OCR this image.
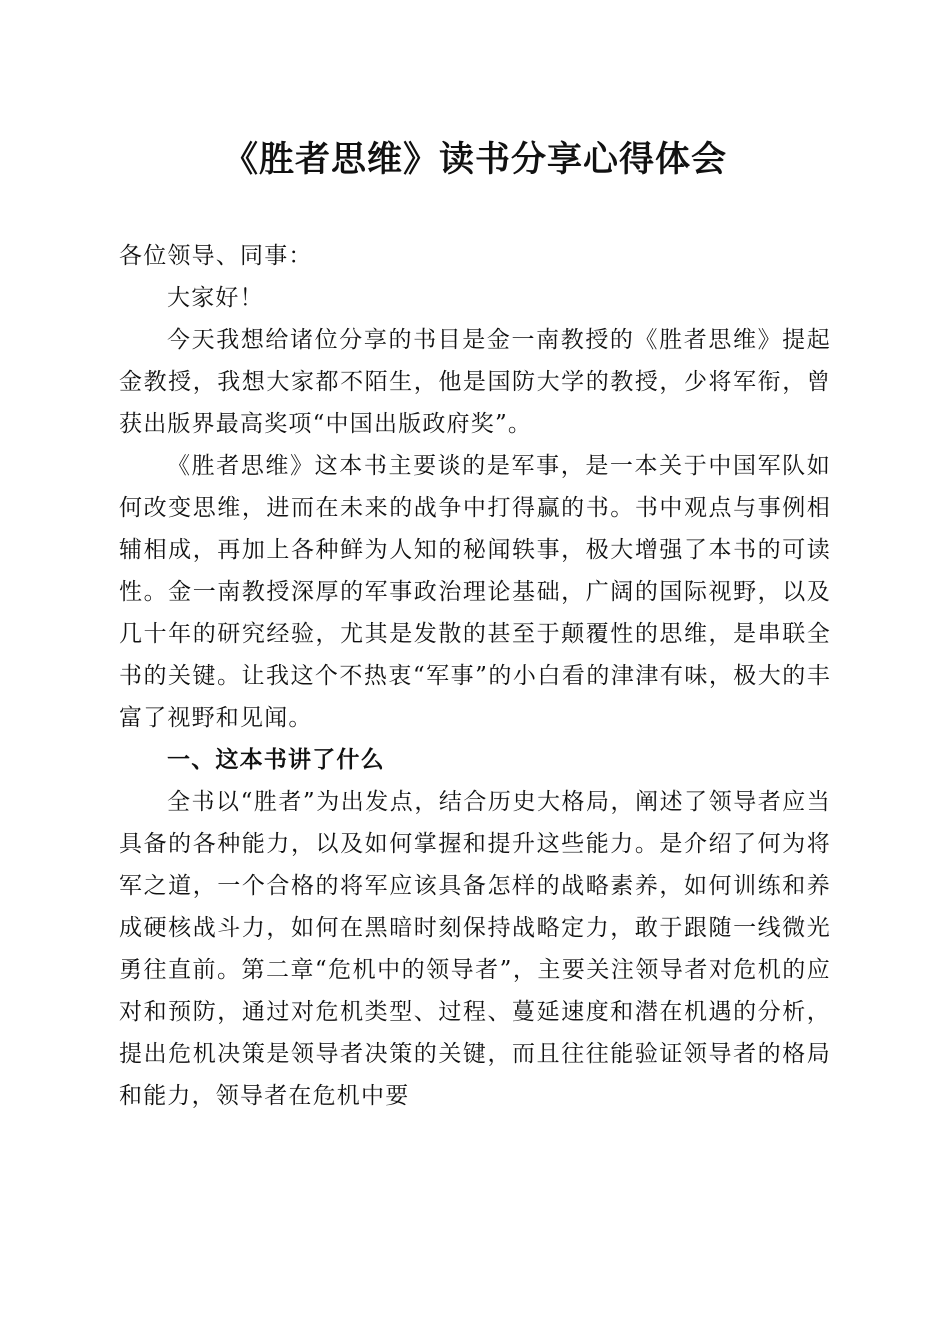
《胜者思维》读书分享心得体会

各位领导、同事：

大家好！

今天我想给诸位分享的书目是金一南教授的《胜者思维》提起金教授，我想大家都不陌生，他是国防大学的教授，少将军衔，曾获出版界最高奖项“中国出版政府奖”。

《胜者思维》这本书主要谈的是军事，是一本关于中国军队如何改变思维，进而在未来的战争中打得赢的书。书中观点与事例相辅相成，再加上各种鲜为人知的秘闻轶事，极大增强了本书的可读性。金一南教授深厚的军事政治理论基础，广阔的国际视野，以及几十年的研究经验，尤其是发散的甚至于颠覆性的思维，是串联全书的关键。让我这个不热衷“军事”的小白看的津津有味，极大的丰富了视野和见闻。

一、这本书讲了什么

全书以“胜者”为出发点，结合历史大格局，阐述了领导者应当具备的各种能力，以及如何掌握和提升这些能力。是介绍了何为将军之道，一个合格的将军应该具备怎样的战略素养，如何训练和养成硬核战斗力，如何在黑暗时刻保持战略定力，敢于跟随一线微光勇往直前。第二章“危机中的领导者”，主要关注领导者对危机的应对和预防，通过对危机类型、过程、蔓延速度和潜在机遇的分析，提出危机决策是领导者决策的关键，而且往往能验证领导者的格局和能力，领导者在危机中要
